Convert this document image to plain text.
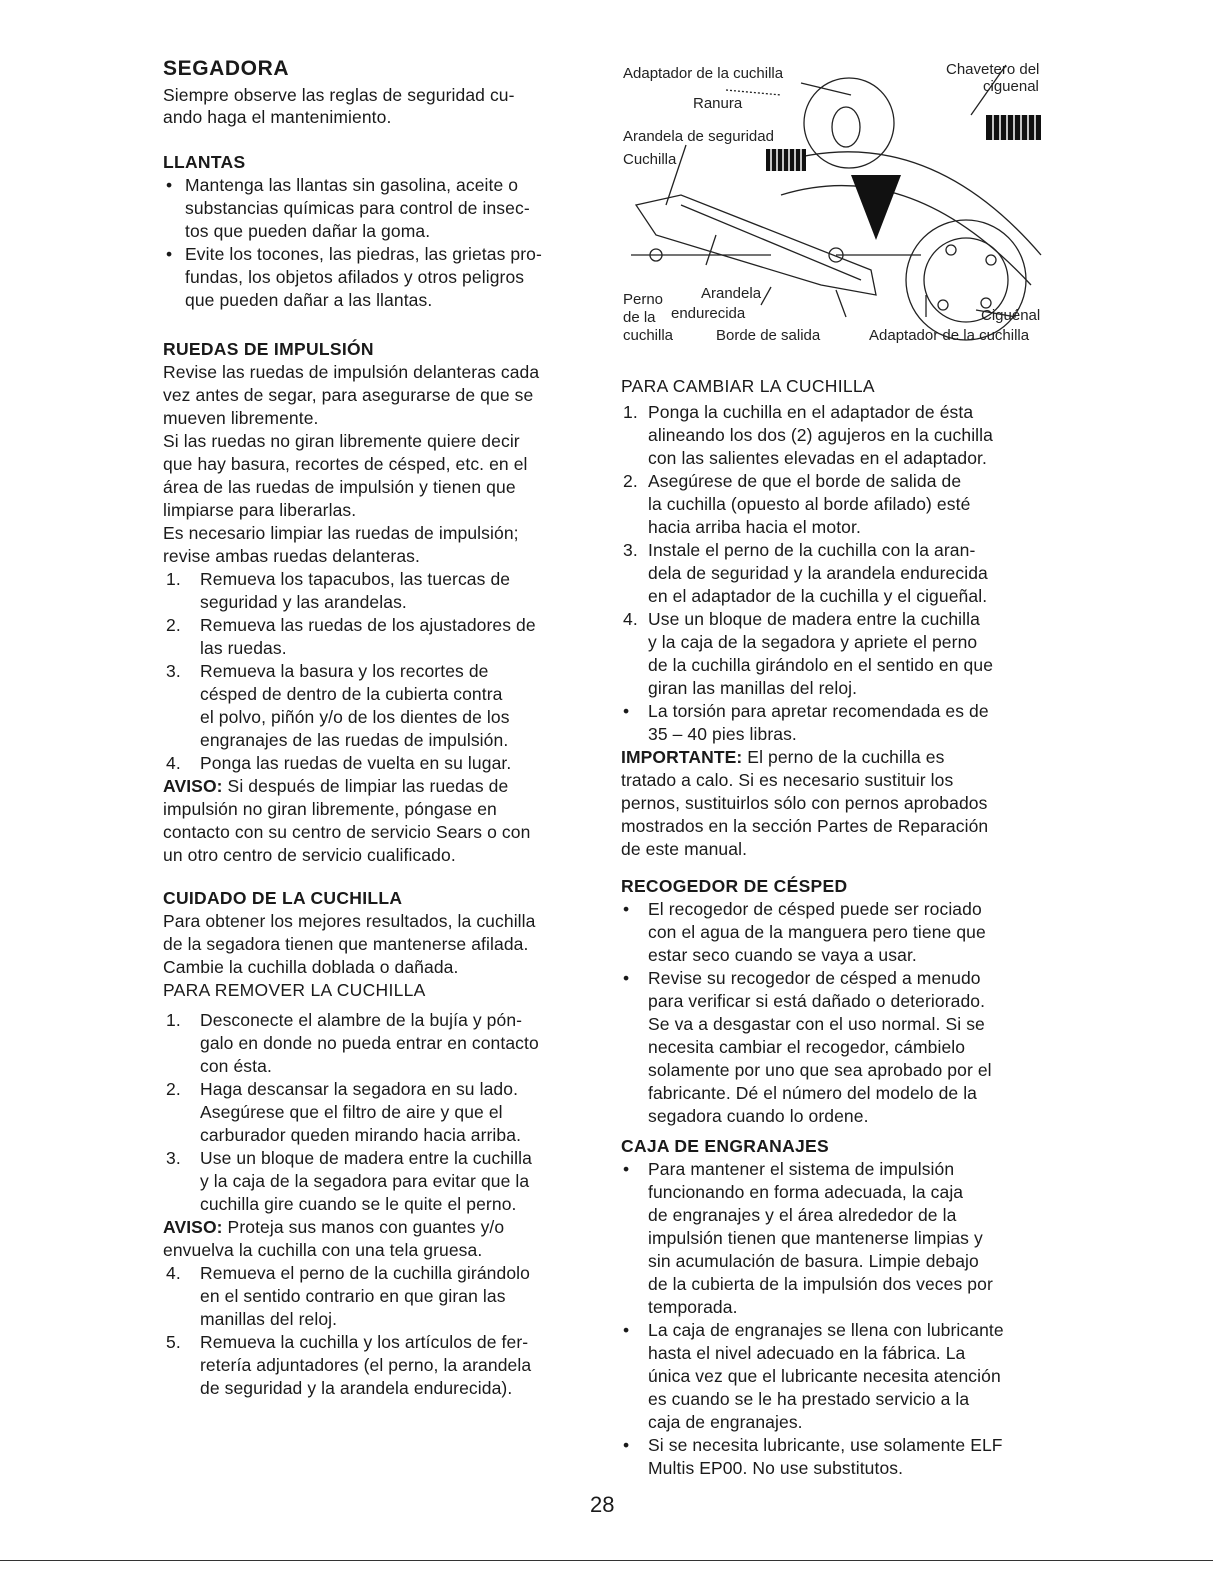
SEGADORA
Siempre observe las reglas de seguridad cu-
ando haga el mantenimiento.
LLANTAS
• Mantenga las llantas sin gasolina, aceite o
substancias químicas para control de insec-
tos que pueden dañar la goma.
• Evite los tocones, las piedras, las grietas pro-
fundas, los objetos afilados y otros peligros
que pueden dañar a las llantas.
RUEDAS DE IMPULSIÓN
Revise las ruedas de impulsión delanteras cada
vez antes de segar, para asegurarse de que se
mueven libremente.
Si las ruedas no giran libremente quiere decir
que hay basura, recortes de césped, etc. en el
área de las ruedas de impulsión y tienen que
limpiarse para liberarlas.
Es necesario limpiar las ruedas de impulsión;
revise ambas ruedas delanteras.
1. Remueva los tapacubos, las tuercas de
seguridad y las arandelas.
2. Remueva las ruedas de los ajustadores de
las ruedas.
3. Remueva la basura y los recortes de
césped de dentro de la cubierta contra
el polvo, piñón y/o de los dientes de los
engranajes de las ruedas de impulsión.
4. Ponga las ruedas de vuelta en su lugar.
AVISO: Si después de limpiar las ruedas de
impulsión no giran libremente, póngase en
contacto con su centro de servicio Sears o con
un otro centro de servicio cualificado.
CUIDADO DE LA CUCHILLA
Para obtener los mejores resultados, la cuchilla
de la segadora tienen que mantenerse afilada.
Cambie la cuchilla doblada o dañada.
PARA REMOVER LA CUCHILLA
1. Desconecte el alambre de la bujía y pón-
galo en donde no pueda entrar en contacto
con ésta.
2. Haga descansar la segadora en su lado.
Asegúrese que el filtro de aire y que el
carburador queden mirando hacia arriba.
3. Use un bloque de madera entre la cuchilla
y la caja de la segadora para evitar que la
cuchilla gire cuando se le quite el perno.
AVISO: Proteja sus manos con guantes y/o
envuelva la cuchilla con una tela gruesa.
4. Remueva el perno de la cuchilla girándolo
en el sentido contrario en que giran las
manillas del reloj.
5. Remueva la cuchilla y los artículos de fer-
retería adjuntadores (el perno, la arandela
de seguridad y la arandela endurecida).
Adaptador de la cuchilla
Ranura
Arandela de seguridad
Cuchilla
Chavetero del
ciguenal
Perno
de la
cuchilla
Arandela
endurecida
Borde de salida	Adaptador de la cuchilla
Ciguénal
PARA CAMBIAR LA CUCHILLA
1. Ponga la cuchilla en el adaptador de ésta
alineando los dos (2) agujeros en la cuchilla
con las salientes elevadas en el adaptador.
2. Asegúrese de que el borde de salida de
la cuchilla (opuesto al borde afilado) esté
hacia arriba hacia el motor.
3. Instale el perno de la cuchilla con la aran-
dela de seguridad y la arandela endurecida
en el adaptador de la cuchilla y el cigueñal.
4. Use un bloque de madera entre la cuchilla
y la caja de la segadora y apriete el perno
de la cuchilla girándolo en el sentido en que
giran las manillas del reloj.
• La torsión para apretar recomendada es de
35 – 40 pies libras.
IMPORTANTE: El perno de la cuchilla es
tratado a calo. Si es necesario sustituir los
pernos, sustituirlos sólo con pernos aprobados
mostrados en la sección Partes de Reparación
de este manual.
RECOGEDOR DE CÉSPED
• El recogedor de césped puede ser rociado
con el agua de la manguera pero tiene que
estar seco cuando se vaya a usar.
• Revise su recogedor de césped a menudo
para verificar si está dañado o deteriorado.
Se va a desgastar con el uso normal. Si se
necesita cambiar el recogedor, cámbielo
solamente por uno que sea aprobado por el
fabricante. Dé el número del modelo de la
segadora cuando lo ordene.
CAJA DE ENGRANAJES
• Para mantener el sistema de impulsión
funcionando en forma adecuada, la caja
de engranajes y el área alrededor de la
impulsión tienen que mantenerse limpias y
sin acumulación de basura. Limpie debajo
de la cubierta de la impulsión dos veces por
temporada.
• La caja de engranajes se llena con lubricante
hasta el nivel adecuado en la fábrica. La
única vez que el lubricante necesita atención
es cuando se le ha prestado servicio a la
caja de engranajes.
• Si se necesita lubricante, use solamente ELF
Multis EP00. No use substitutos.
28
